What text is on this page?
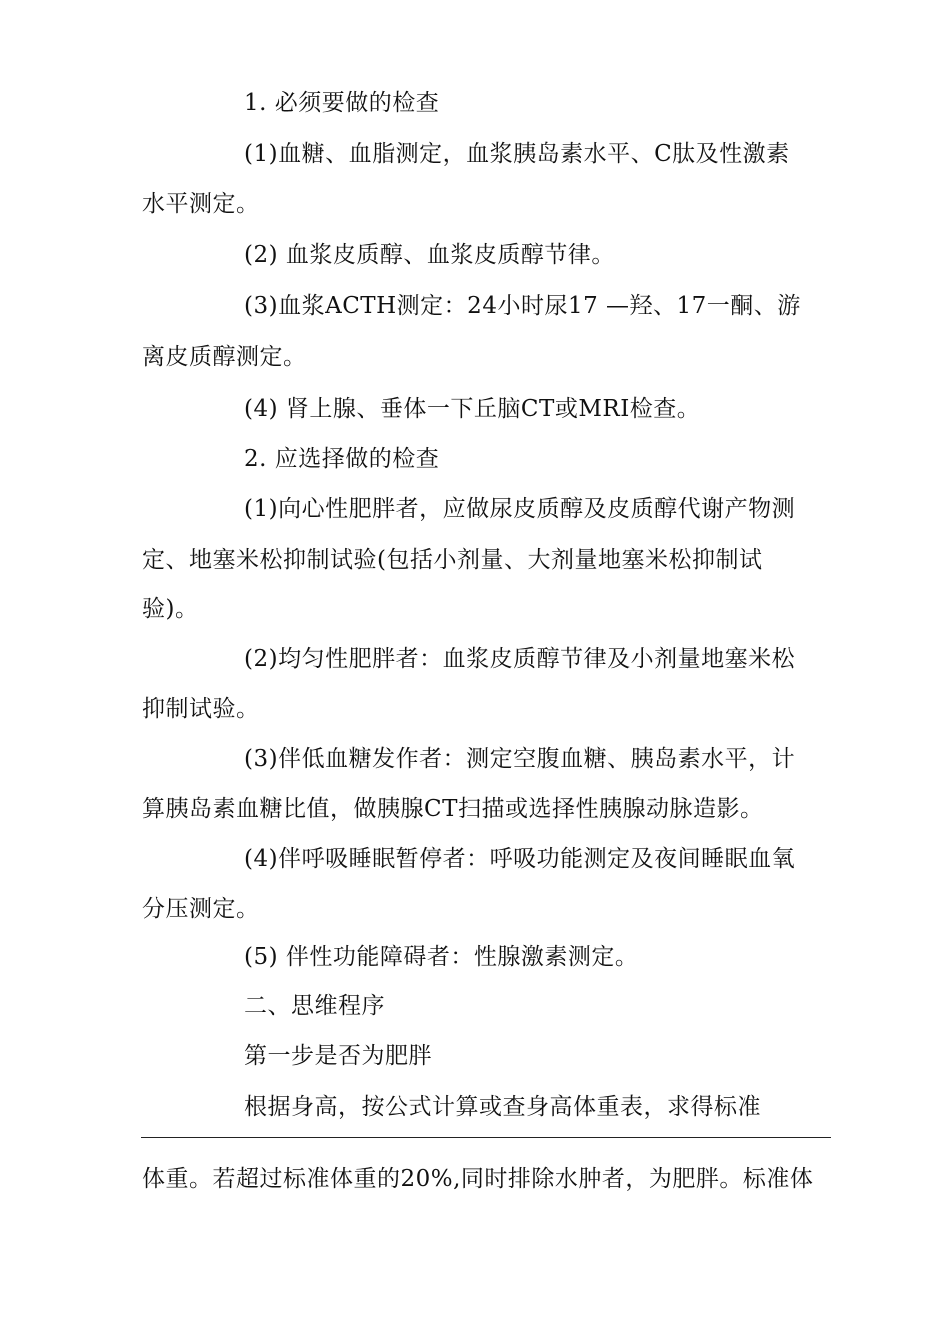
1. 必须要做的检查
(1)血糖、血脂测定，血浆胰岛素水平、C肽及性激素
水平测定。
(2) 血浆皮质醇、血浆皮质醇节律。
(3)血浆ACTH测定：24小时尿17 —羟、17一酮、游
离皮质醇测定。
(4) 肾上腺、垂体一下丘脑CT或MRI检查。
2. 应选择做的检查
(1)向心性肥胖者，应做尿皮质醇及皮质醇代谢产物测
定、地塞米松抑制试验(包括小剂量、大剂量地塞米松抑制试
验)。
(2)均匀性肥胖者：血浆皮质醇节律及小剂量地塞米松
抑制试验。
(3)伴低血糖发作者：测定空腹血糖、胰岛素水平，计
算胰岛素血糖比值，做胰腺CT扫描或选择性胰腺动脉造影。
(4)伴呼吸睡眠暂停者：呼吸功能测定及夜间睡眠血氧
分压测定。
(5) 伴性功能障碍者：性腺激素测定。
二、思维程序
第一步是否为肥胖
根据身高，按公式计算或查身高体重表，求得标准
体重。若超过标准体重的20%,同时排除水肿者，为肥胖。标准体
